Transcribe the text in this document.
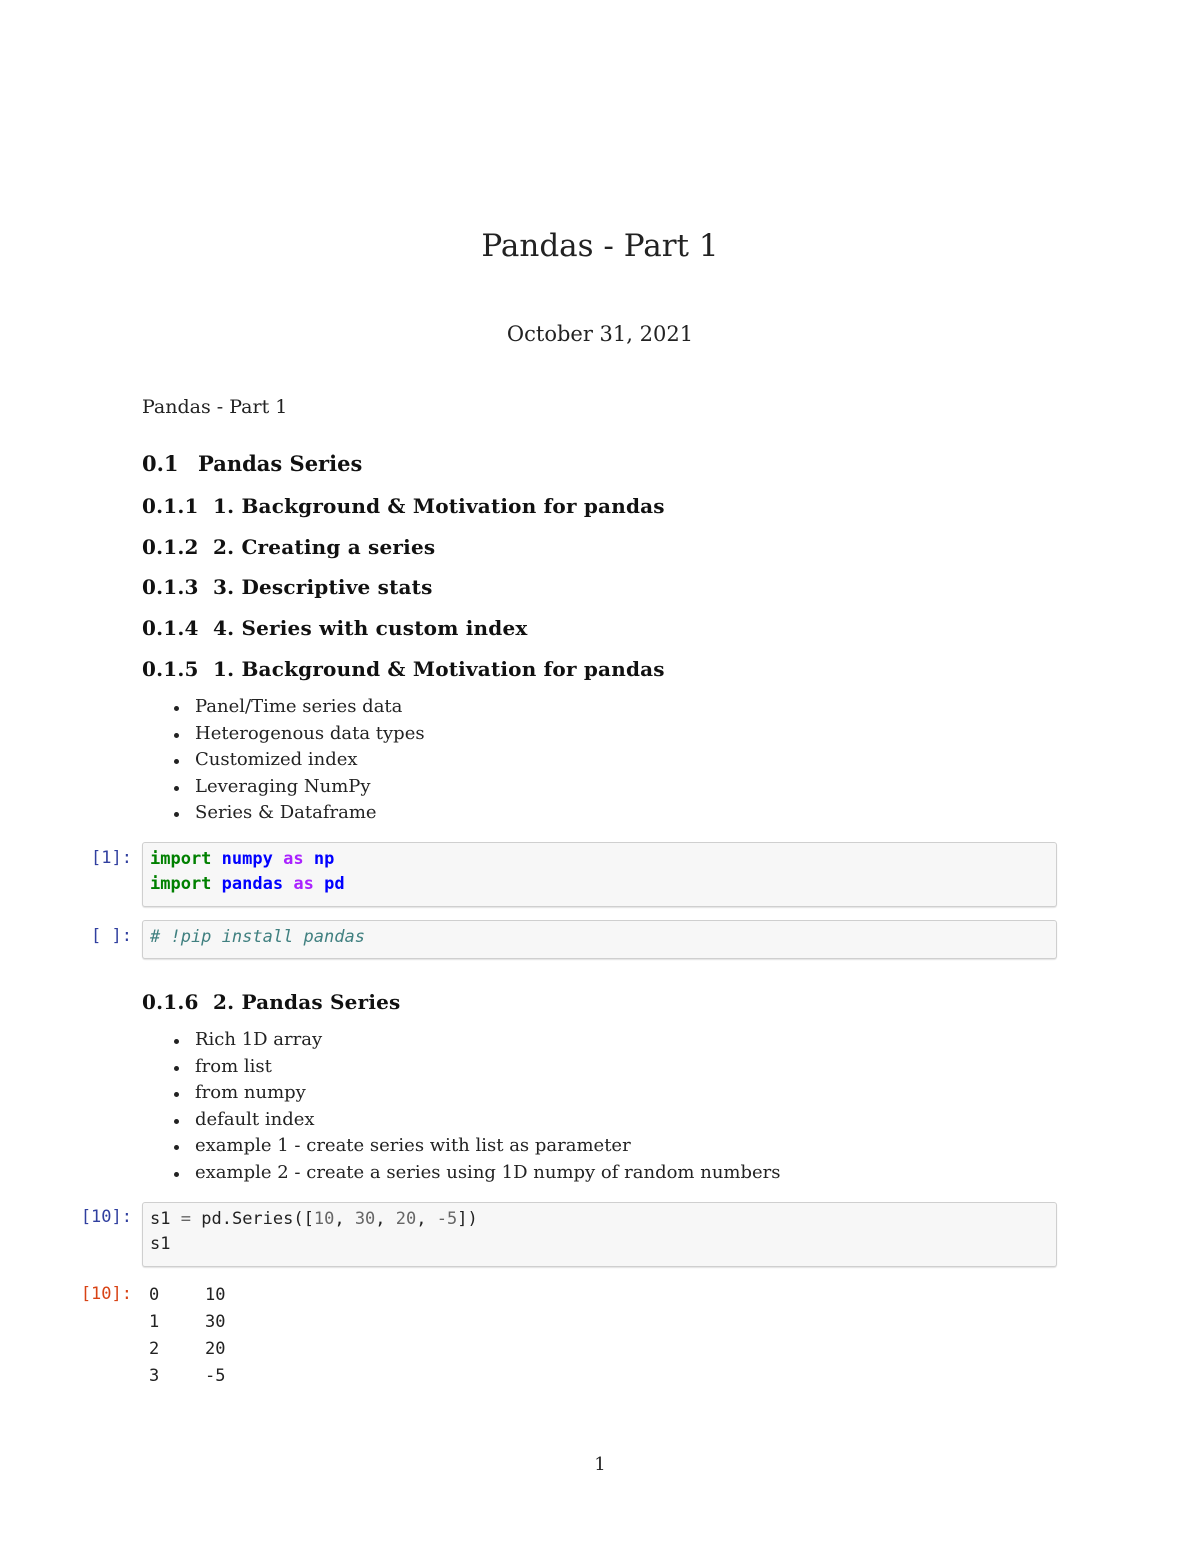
Pandas - Part 1
October 31, 2021
Pandas - Part 1
0.1 Pandas Series
0.1.1 1. Background & Motivation for pandas
0.1.2 2. Creating a series
0.1.3 3. Descriptive stats
0.1.4 4. Series with custom index
0.1.5 1. Background & Motivation for pandas
Panel/Time series data
Heterogenous data types
Customized index
Leveraging NumPy
Series & Dataframe
[1]: import numpy as np
import pandas as pd
[ ]: # !pip install pandas
0.1.6 2. Pandas Series
Rich 1D array
from list
from numpy
default index
example 1 - create series with list as parameter
example 2 - create a series using 1D numpy of random numbers
[10]: s1 = pd.Series([10, 30, 20, -5])
s1
[10]: 0	10
1	30
2	20
3	-5
1
